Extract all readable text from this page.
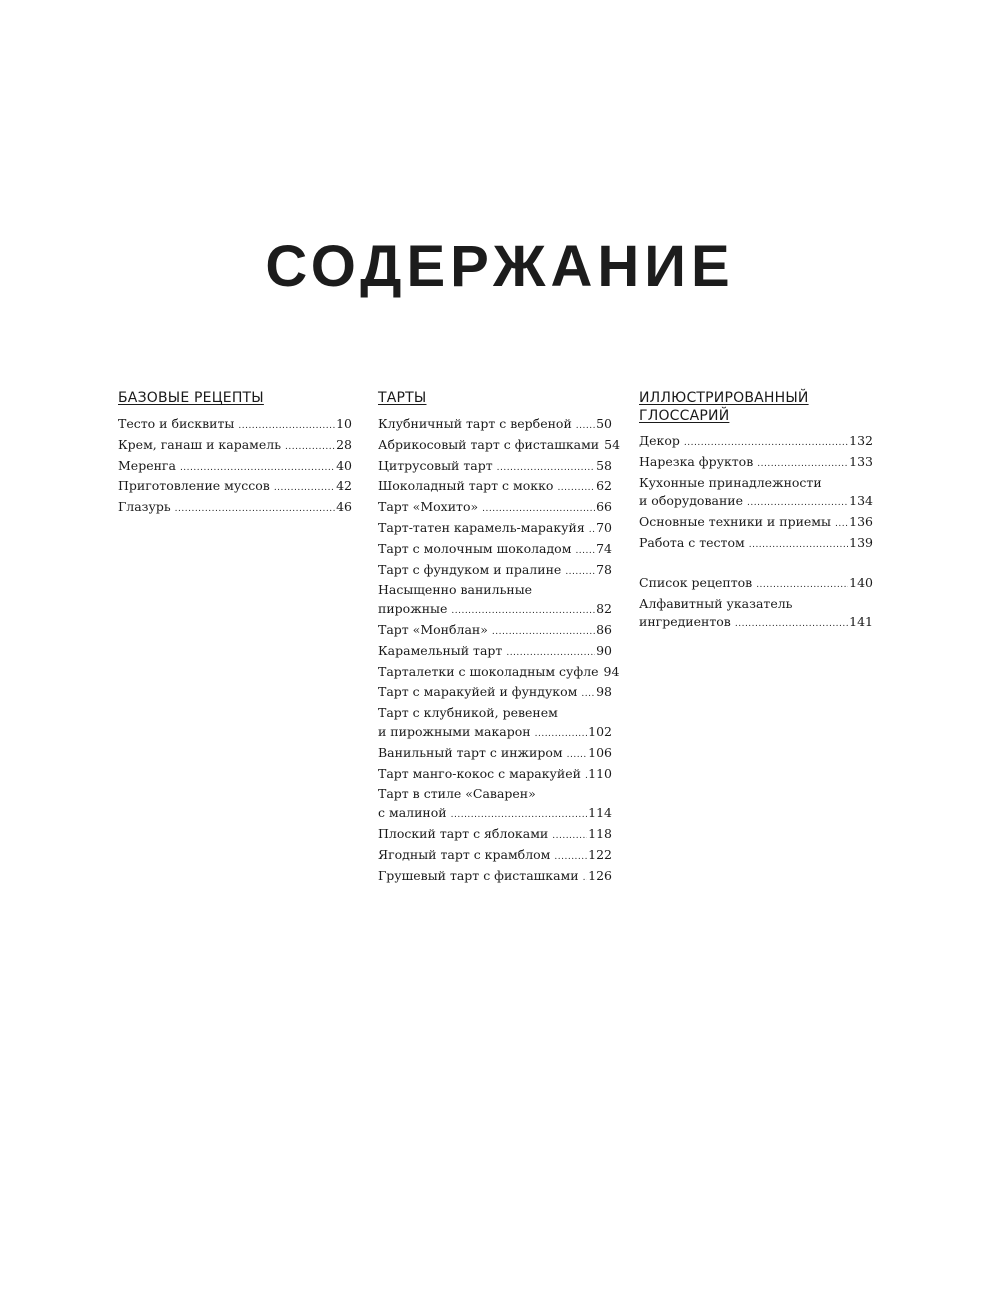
СОДЕРЖАНИЕ
БАЗОВЫЕ РЕЦЕПТЫ
Тесто и бисквиты .....	10
Крем, ганаш и карамель .....	28
Меренга .....	40
Приготовление муссов .....	42
Глазурь .....	46
ТАРТЫ
Клубничный тарт с вербеной .....	50
Абрикосовый тарт с фисташками 54
Цитрусовый тарт .....	58
Шоколадный тарт с мокко .....	62
Тарт «Мохито» .....	66
Тарт-татен карамель-маракуйя ..... 70
Тарт с молочным шоколадом .....	74
Тарт с фундуком и пралине .....	78
Насыщенно ванильные
пирожные .....	82
Тарт «Монблан» .....	86
Карамельный тарт .....	90
Тарталетки с шоколадным суфле 94
Тарт с маракуйей и фундуком .....	98
Тарт с клубникой, ревенем
и пирожными макарон .....	102
Ванильный тарт с инжиром .....	106
Тарт манго-кокос с маракуйей ..... 110
Тарт в стиле «Саварен»
с малиной .....	114
Плоский тарт с яблоками .....	118
Ягодный тарт с крамблом .....	122
Грушевый тарт с фисташками ..... 126
ИЛЛЮСТРИРОВАННЫЙ
ГЛОССАРИЙ
Декор .....	132
Нарезка фруктов .....	133
Кухонные принадлежности
и оборудование .....	134
Основные техники и приемы .....	136
Работа с тестом .....	139
Список рецептов .....	140
Алфавитный указатель
ингредиентов .....	141
